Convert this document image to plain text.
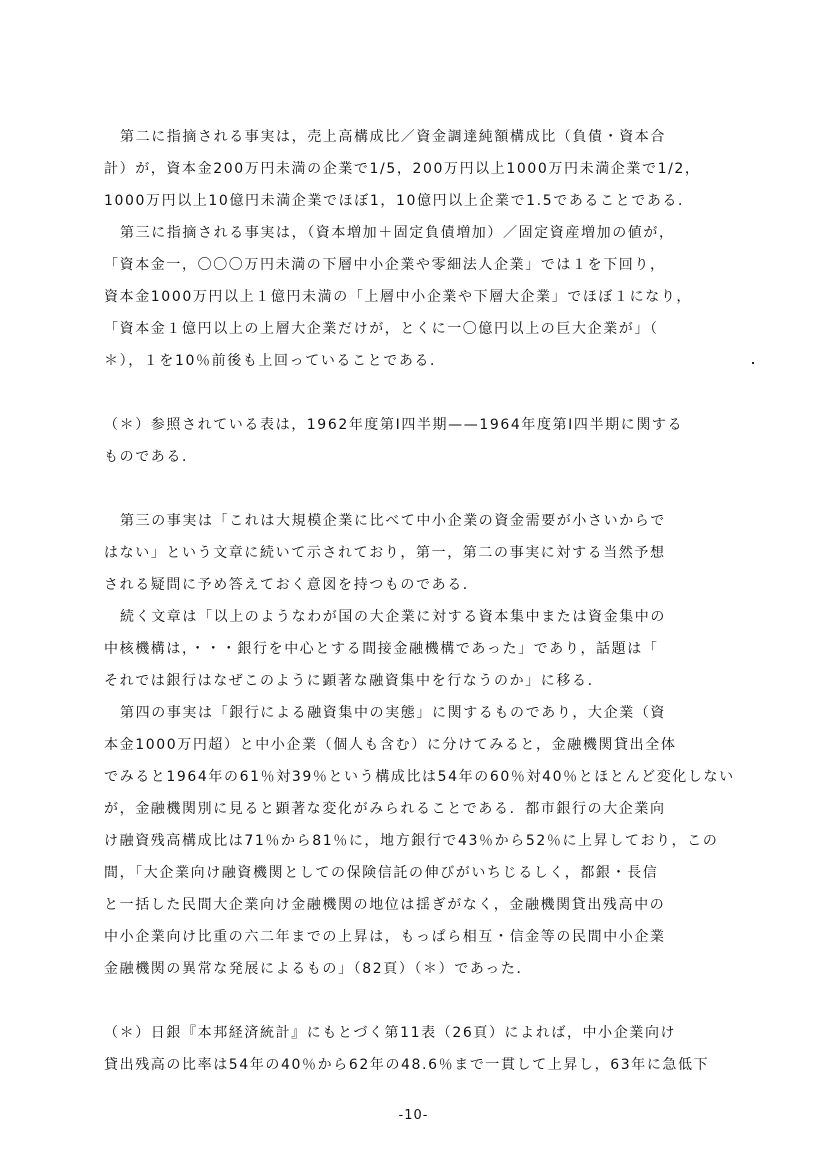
第二に指摘される事実は，売上高構成比／資金調達純額構成比（負債・資本合
計）が，資本金200万円未満の企業で1/5，200万円以上1000万円未満企業で1/2，
1000万円以上10億円未満企業でほぼ1，10億円以上企業で1.5であることである．
第三に指摘される事実は，（資本増加＋固定負債増加）／固定資産増加の値が，
「資本金一，〇〇〇万円未満の下層中小企業や零細法人企業」では１を下回り，
資本金1000万円以上１億円未満の「上層中小企業や下層大企業」でほぼ１になり，
「資本金１億円以上の上層大企業だけが，とくに一〇億円以上の巨大企業が」（
＊），１を10％前後も上回っていることである．
（＊）参照されている表は，1962年度第I四半期——1964年度第I四半期に関する
ものである．
第三の事実は「これは大規模企業に比べて中小企業の資金需要が小さいからで
はない」という文章に続いて示されており，第一，第二の事実に対する当然予想
される疑問に予め答えておく意図を持つものである．
続く文章は「以上のようなわが国の大企業に対する資本集中または資金集中の
中核機構は，・・・銀行を中心とする間接金融機構であった」であり，話題は「
それでは銀行はなぜこのように顕著な融資集中を行なうのか」に移る．
第四の事実は「銀行による融資集中の実態」に関するものであり，大企業（資
本金1000万円超）と中小企業（個人も含む）に分けてみると，金融機関貸出全体
でみると1964年の61％対39％という構成比は54年の60％対40％とほとんど変化しない
が，金融機関別に見ると顕著な変化がみられることである．都市銀行の大企業向
け融資残高構成比は71％から81％に，地方銀行で43％から52％に上昇しており，この
間，「大企業向け融資機関としての保険信託の伸びがいちじるしく，都銀・長信
と一括した民間大企業向け金融機関の地位は揺ぎがなく，金融機関貸出残高中の
中小企業向け比重の六二年までの上昇は，もっぱら相互・信金等の民間中小企業
金融機関の異常な発展によるもの」（82頁）（＊）であった．
（＊）日銀『本邦経済統計』にもとづく第11表（26頁）によれば，中小企業向け
貸出残高の比率は54年の40％から62年の48.6％まで一貫して上昇し，63年に急低下
-10-
